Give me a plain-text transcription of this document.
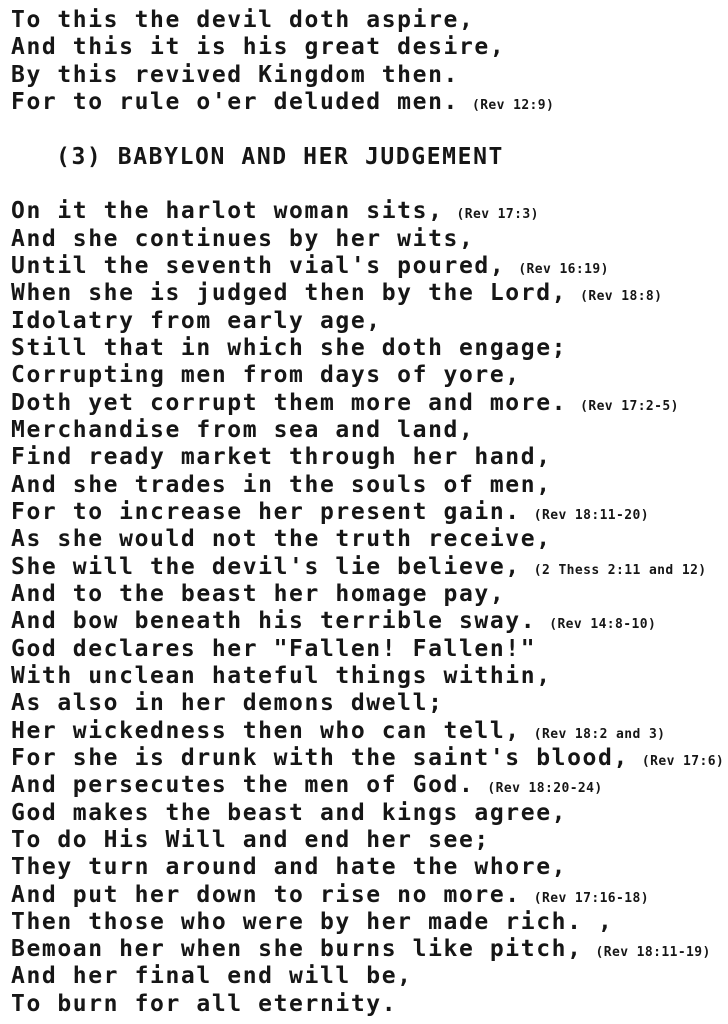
To this the devil doth aspire,
And this it is his great desire,
By this revived Kingdom then.
For to rule o'er deluded men. (Rev 12:9)
(3) BABYLON AND HER JUDGEMENT
On it the harlot woman sits, (Rev 17:3)
And she continues by her wits,
Until the seventh vial's poured, (Rev 16:19)
When she is judged then by the Lord, (Rev 18:8)
Idolatry from early age,
Still that in which she doth engage;
Corrupting men from days of yore,
Doth yet corrupt them more and more. (Rev 17:2-5)
Merchandise from sea and land,
Find ready market through her hand,
And she trades in the souls of men,
For to increase her present gain. (Rev 18:11-20)
As she would not the truth receive,
She will the devil's lie believe, (2 Thess 2:11 and 12)
And to the beast her homage pay,
And bow beneath his terrible sway. (Rev 14:8-10)
God declares her "Fallen! Fallen!"
With unclean hateful things within,
As also in her demons dwell;
Her wickedness then who can tell, (Rev 18:2 and 3)
For she is drunk with the saint's blood, (Rev 17:6)
And persecutes the men of God. (Rev 18:20-24)
God makes the beast and kings agree,
To do His Will and end her see;
They turn around and hate the whore,
And put her down to rise no more. (Rev 17:16-18)
Then those who were by her made rich. ,
Bemoan her when she burns like pitch, (Rev 18:11-19)
And her final end will be,
To burn for all eternity.
